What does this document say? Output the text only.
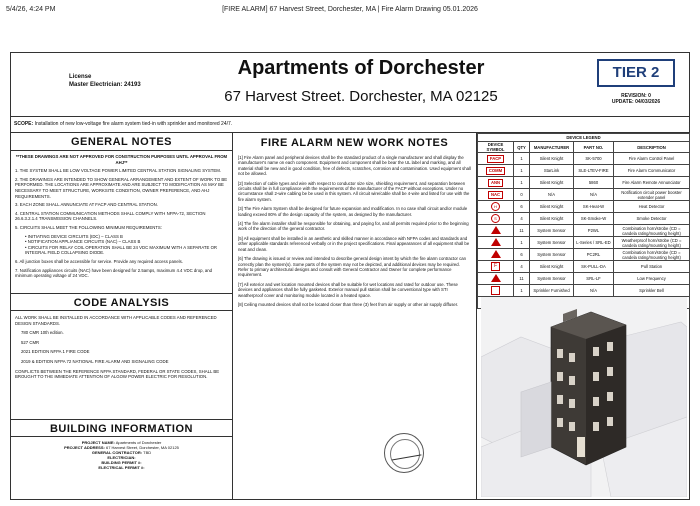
5/4/26, 4:24 PM	[FIRE ALARM] 67 Harvest Street, Dorchester, MA | Fire Alarm Drawing 05.01.2026
License
Master Electrician: 24193
Apartments of Dorchester
67 Harvest Street. Dorchester, MA 02125
TIER 2
REVISION: 0
UPDATE: 04/03/2026
SCOPE: Installation of new low-voltage fire alarm system tied-in with sprinkler and monitored 24/7.
GENERAL NOTES
**THESE DRAWINGS ARE NOT APPROVED FOR CONSTRUCTION PURPOSES UNTIL APPROVAL FROM AHJ**

1. THE SYSTEM SHALL BE LOW VOLTAGE POWER LIMITED CENTRAL STATION SIGNALING SYSTEM.

2. THE DRAWINGS ARE INTENDED TO SHOW GENERAL ARRANGEMENT AND EXTENT OF WORK TO BE PERFORMED. THE LOCATIONS ARE APPROXIMATE AND ARE SUBJECT TO MODIFICATION AS MAY BE NECESSARY TO MEET STRUCTURE, WORKSITE CONDITION, OWNER PREFERENCE, AND AHJ REQUIREMENTS.

3. EACH ZONE SHALL ANNUNCIATE AT FACP AND CENTRAL STATION.

4. CENTRAL STATION COMMUNICATION METHODS SHALL COMPLY WITH NFPA-72, SECTION 26.6.3.2.1.4 TRANSMISSION CHANNELS.

5. CIRCUITS SHALL MEET THE FOLLOWING MINIMUM REQUIREMENTS:

• INITIATING DEVICE CIRCUITS (IDC) – CLASS B
• NOTIFICATION APPLIANCE CIRCUITS (NAC) – CLASS B

• CIRCUITS FOR RELAY COIL OPERATION SHALL BE 24 VDC MAXIMUM WITH A SEPARATE OR INTEGRAL FIELD COLLAPSING DIODE.

6. All junction boxes shall be accessible for service. Provide any required access panels.

7. Notification appliances circuits (NAC) have been designed for 2.5amps, maximum 4.4 VDC drop, and minimum operating voltage of 24 VDC.

CODE ANALYSIS

ALL WORK SHALL BE INSTALLED IN ACCORDANCE WITH APPLICABLE CODES AND REFERENCED DESIGN STANDARDS.

780 CMR 10th edition.

527 CMR

2021 EDITION NFPA 1 FIRE CODE

2019 & EDITION NFPA 72 NATIONAL FIRE ALARM AND SIGNALING CODE

CONFLICTS BETWEEN THE REFERENCE NFPA STANDARD, FEDERAL OR STATE CODES, SHALL BE BROUGHT TO THE IMMEDIATE ATTENTION OF ALGOW POWER ELECTRIC FOR RESOLUTION.

BUILDING INFORMATION
PROJECT NAME: Apartments of Dorchester
PROJECT ADDRESS: 67 Harvest Street, Dorchester, MA 02125
GENERAL CONTRACTOR: TBD
ELECTRICIAN:
BUILDING PERMIT #:
ELECTRICAL PERMIT #:
FIRE ALARM NEW WORK NOTES

[1] Fire Alarm panel and peripheral devices shall be the standard product of a single manufacturer and shall display the manufacturer's name on each component. Equipment and component shall be bear the UL label and marking, and all material shall be new and in good condition, free of defects, scratches, corrosion and contamination. Used equipment shall not be allowed.

[2] Selection of cable types and wire with respect to conductor size size, shielding requirement, and separation between circuits shall be in full compliance with the requirements of the manufacturer of the FACP without exceptions. Under no circumstance shall 2-wire cabling be be used in this system. All circuit wire/cable shall be 4-wire and listed for use with the fire alarm system.

[3] The Fire Alarm System shall be designed for future expansion and modification. In no case shall circuit and/or module loading exceed 80% of the design capacity of the system, as designed by the manufacturer.

[4] The fire alarm installer shall be responsible for obtaining, and paying for, and all permits required prior to the beginning work of the direction of the general contractor.

[5] All equipment shall be installed in an aesthetic and skilled manner in accordance with NFPA codes and standards and other applicable standards referenced verbally or in the project specifications. Final appearances of all equipment shall be neat and clean.

[6] The drawing is issued or review and intended to describe general design intent by which the fire alarm contractor can correctly plan the system(s). Some parts of the system may not be depicted, and additional devices may be required. Refer to primary architectural designs and consult with General Contractor and Owner for complete performance requirement.

[7] All exterior and wet location mounted devices shall be suitable for wet locations and rated for outdoor use. These devices and appliances shall be fully gasketed. Exterior manual pull station shall be conventional type with STI weatherproof cover and monitoring module located in a heated space.

[8] Ceiling mounted devices shall not be located closer than three (3) feet from air supply or other air supply diffuser.

DEVICE LEGEND				
DEVICE SYMBOL	QTY	MANUFACTURER	PART NO.	DESCRIPTION
FACP	1	Silent Knight	SK-5700	Fire Alarm Control Panel
COMM	1	StarLink	SLE-LTEV-FIRE	Fire Alarm Communicator
ANN	1	Silent Knight	5860	Fire Alarm Remote Annunciator
NAC	0	N/A	N/A	Notification circuit power booster extender panel
H	6	Silent Knight	SK-Heat-W	Heat Detector
S	4	Silent Knight	SK-Smoke-W	Smoke Detector
	11	System Sensor	P2WL	Combination horn/strobe (CD = candela rating/mounting height)
	1	System Sensor	L-Series / SRL-ED	Weatherproof horn/strobe (CD = candela rating/mounting height)
	6	System Sensor	PC2RL	Combination horn/strobe (CD = candela rating/mounting height)
F	4	Silent Knight	SK-PULL-DA	Pull Station
	11	System Sensor	SRL-LF	Low Frequency
	1	Sprinkler Furnished	N/A	Sprinkler Bell
